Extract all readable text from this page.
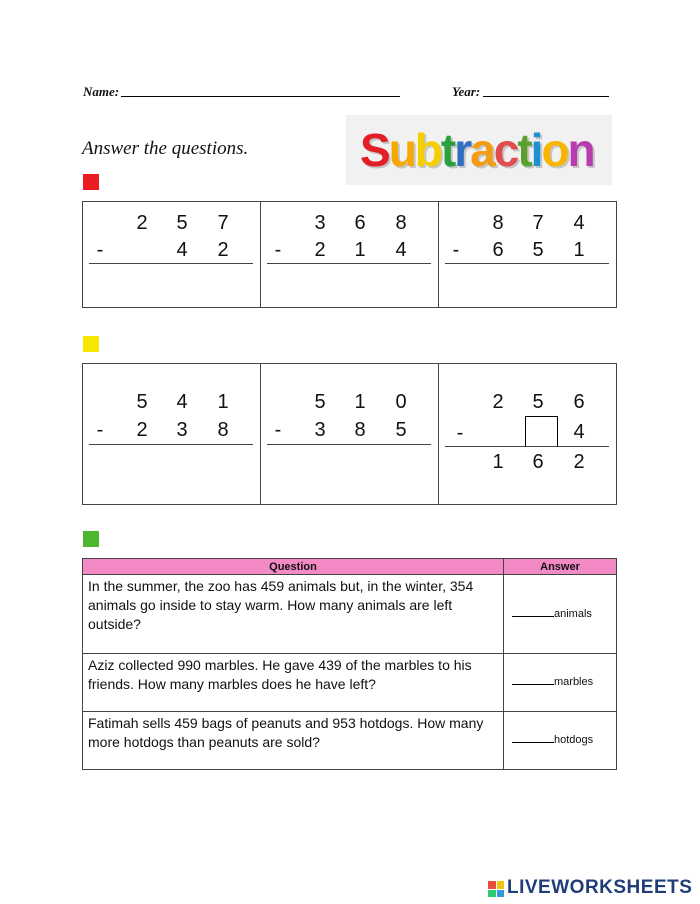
Name:	Year:
Answer the questions. Subtraction
2 5 7
-	4 2
3 6 8
- 2 1 4
8 7 4
- 6 5 1
5 4 1
- 2 3 8
5 1 0
- 3 8 5
2 5 6
-	4
1 6 2
Question	Answer
In the summer, the zoo has 459 animals but, in the winter, 354 animals go inside to stay warm. How many animals are left outside?	animals
Aziz collected 990 marbles. He gave 439 of the marbles to his friends. How many marbles does he have left?	marbles
Fatimah sells 459 bags of peanuts and 953 hotdogs. How many more hotdogs than peanuts are sold?	hotdogs
LIVEWORKSHEETS
